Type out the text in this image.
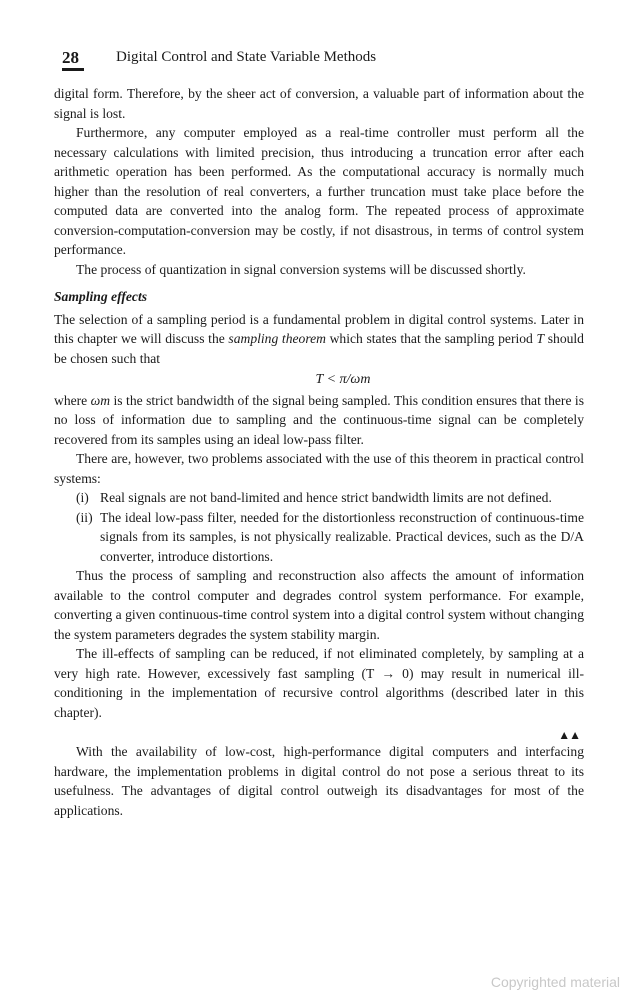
28 Digital Control and State Variable Methods

digital form. Therefore, by the sheer act of conversion, a valuable part of information about the signal is lost.

Furthermore, any computer employed as a real-time controller must perform all the necessary calculations with limited precision, thus introducing a truncation error after each arithmetic operation has been performed. As the computational accuracy is normally much higher than the resolution of real converters, a further truncation must take place before the computed data are converted into the analog form. The repeated process of approximate conversion-computation-conversion may be costly, if not disastrous, in terms of control system performance.

The process of quantization in signal conversion systems will be discussed shortly.

Sampling effects

The selection of a sampling period is a fundamental problem in digital control systems. Later in this chapter we will discuss the sampling theorem which states that the sampling period T should be chosen such that

T < π/ωm

where ωm is the strict bandwidth of the signal being sampled. This condition ensures that there is no loss of information due to sampling and the continuous-time signal can be completely recovered from its samples using an ideal low-pass filter.

There are, however, two problems associated with the use of this theorem in practical control systems:

(i) Real signals are not band-limited and hence strict bandwidth limits are not defined.
(ii) The ideal low-pass filter, needed for the distortionless reconstruction of continuous-time signals from its samples, is not physically realizable. Practical devices, such as the D/A converter, introduce distortions.

Thus the process of sampling and reconstruction also affects the amount of information available to the control computer and degrades control system performance. For example, converting a given continuous-time control system into a digital control system without changing the system parameters degrades the system stability margin.

The ill-effects of sampling can be reduced, if not eliminated completely, by sampling at a very high rate. However, excessively fast sampling (T → 0) may result in numerical ill-conditioning in the implementation of recursive control algorithms (described later in this chapter).

▲▲

With the availability of low-cost, high-performance digital computers and interfacing hardware, the implementation problems in digital control do not pose a serious threat to its usefulness. The advantages of digital control outweigh its disadvantages for most of the applications.

Copyrighted material
